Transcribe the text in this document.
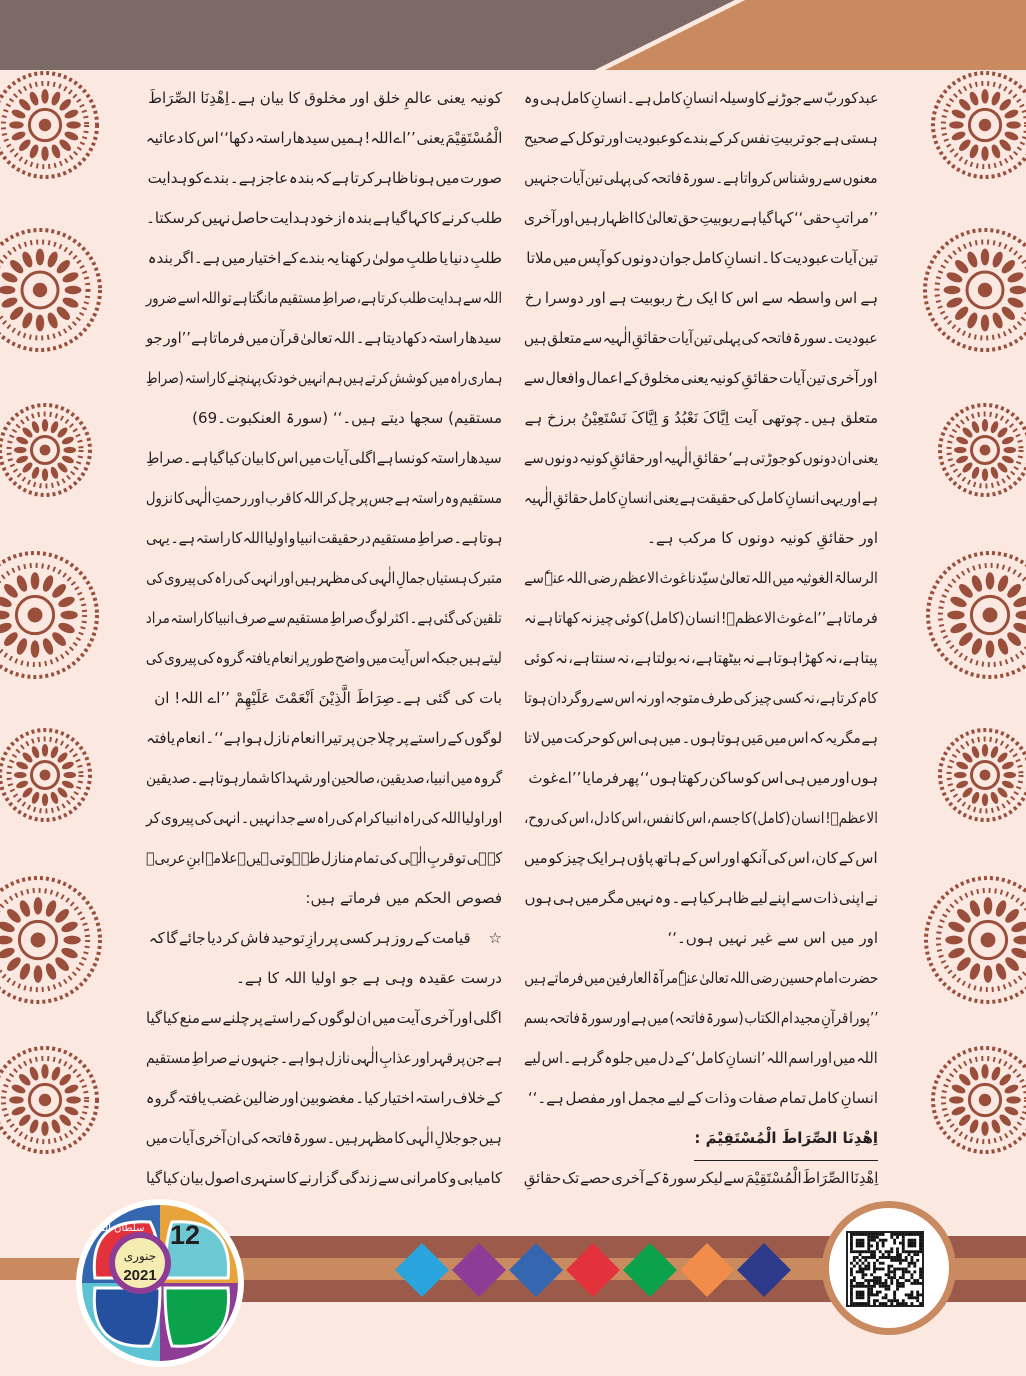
عبدکوربّ سے جوڑنے کاوسیلہ انسانِ کامل ہے۔انسانِ کامل ہی وہ
ہستی ہے جو تربیتِ نفس کر کے بندے کوعبودیت اور توکل کے صحیح
معنوں سے روشناس کرواتا ہے۔سورۃ فاتحہ کی پہلی تین آیات جنہیں
’’مراتبِ حقی‘‘ کہا گیا ہے ربوبیتِ حق تعالیٰ کا اظہار ہیں اور آخری
تین آیات عبودیت کا۔انسانِ کامل جوان دونوں کو آپس میں ملاتا
ہے اس واسطہ سے اس کا ایک رخ ربوبیت ہے اور دوسرا رخ
عبودیت۔سورۃ فاتحہ کی پہلی تین آیات حقائقِ الٰہیہ سے متعلق ہیں
اور آخری تین آیات حقائقِ کونیہ یعنی مخلوق کے اعمال وافعال سے
متعلق ہیں۔چوتھی آیت اِیَّاکَ نَعْبُدُ وَ اِیَّاکَ نَسْتَعِیْنُ برزخ ہے
یعنی ان دونوں کو جوڑتی ہے‘ حقائقِ الٰہیہ اور حقائقِ کونیہ دونوں سے
ہے اور یہی انسانِ کامل کی حقیقت ہے یعنی انسانِ کامل حقائقِ الٰہیہ
اور حقائقِ کونیہ دونوں کا مرکب ہے۔
الرسالۃ الغوثیہ میں اللہ تعالیٰ سیّدنا غوث الاعظم رضی اللہ عنہٗ سے
فرماتا ہے’’اے غوث الاعظمؓ! انسان (کامل) کوئی چیز نہ کھاتا ہے نہ
پیتا ہے، نہ کھڑا ہوتا ہے نہ بیٹھتا ہے، نہ بولتا ہے، نہ سنتا ہے، نہ کوئی
کام کرتا ہے، نہ کسی چیز کی طرف متوجہ اور نہ اس سے روگردان ہوتا
ہے مگر یہ کہ اس میں مَیں ہوتا ہوں۔ میں ہی اس کو حرکت میں لاتا
ہوں اور میں ہی اس کو ساکن رکھتا ہوں‘‘ پھر فرمایا ’’اے غوث
الاعظمؓ! انسان (کامل) کا جسم، اس کا نفس، اس کا دل، اس کی روح،
اس کے کان، اس کی آنکھ اور اس کے ہاتھ پاؤں ہر ایک چیز کو میں
نے اپنی ذات سے اپنے لیے ظاہر کیا ہے۔ وہ نہیں مگر میں ہی ہوں
اور میں اس سے غیر نہیں ہوں۔‘‘
حضرت امام حسین رضی اللہ تعالیٰ عنہٗ مرآۃ العارفین میں فرماتے ہیں
’’پورا قرآنِ مجید ام الکتاب (سورۃ فاتحہ) میں ہے اور سورۃ فاتحہ بسم
اللہ میں اور اسم اللہ ’انسانِ کامل‘ کے دل میں جلوہ گر ہے۔اس لیے
انسانِ کامل تمام صفات وذات کے لیے مجمل اور مفصل ہے۔‘‘
اِھْدِنَا الصِّرَاطَ الْمُسْتَقِیْمَ :
اِھْدِنَا الصِّرَاطَ الْمُسْتَقِیْمَ سے لیکر سورۃ کے آخری حصے تک حقائقِ
کونیہ یعنی عالمِ خلق اور مخلوق کا بیان ہے۔اِھْدِنَا الصِّرَاطَ
الْمُسْتَقِیْمَ یعنی ’’اے اللہ! ہمیں سیدھا راستہ دکھا‘‘ اس کا دعائیہ
صورت میں ہونا ظاہر کرتا ہے کہ بندہ عاجز ہے۔ بندے کو ہدایت
طلب کرنے کا کہا گیا ہے بندہ از خود ہدایت حاصل نہیں کر سکتا۔
طلبِ دنیا یا طلبِ مولیٰ رکھنا یہ بندے کے اختیار میں ہے۔اگر بندہ
اللہ سے ہدایت طلب کرتا ہے، صراطِ مستقیم مانگتا ہے تو اللہ اسے ضرور
سیدھا راستہ دکھا دیتا ہے۔ اللہ تعالیٰ قرآن میں فرماتا ہے’’اور جو
ہماری راہ میں کوشش کرتے ہیں ہم انہیں خود تک پہنچنے کا راستہ (صراطِ
مستقیم) سجھا دیتے ہیں۔‘‘ (سورۃ العنکبوت۔69)
سیدھا راستہ کونسا ہے اگلی آیات میں اس کا بیان کیا گیا ہے۔صراطِ
مستقیم وہ راستہ ہے جس پر چل کر اللہ کا قرب اور رحمتِ الٰہی کا نزول
ہوتا ہے۔صراطِ مستقیم درحقیقت انبیا و اولیا اللہ کا راستہ ہے۔ یہی
متبرک ہستیاں جمالِ الٰہی کی مظہر ہیں اور انہی کی راہ کی پیروی کی
تلقین کی گئی ہے۔ اکثر لوگ صراطِ مستقیم سے صرف انبیا کا راستہ مراد
لیتے ہیں جبکہ اس آیت میں واضح طور پر انعام یافتہ گروہ کی پیروی کی
بات کی گئی ہے۔صِرَاطَ الَّذِیْنَ اَنْعَمْتَ عَلَیْھِمْ ’’اے اللہ! ان
لوگوں کے راستے پر چلا جن پر تیرا انعام نازل ہوا ہے‘‘۔انعام یافتہ
گروہ میں انبیا، صدیقین، صالحین اور شہدا کا شمار ہوتا ہے۔صدیقین
اور اولیا اللہ کی راہ انبیا کرام کی راہ سے جدا نہیں۔ انہی کی پیروی کر
کے ہی تو قربِ الٰہی کی تمام منازل طے ہوتی ہیں۔علامہ ابنِ عربیؒ
فصوص الحکم میں فرماتے ہیں:
☆
قیامت کے روز ہر کسی پر رازِ توحید فاش کر دیا جائے گا کہ
درست عقیدہ وہی ہے جو اولیا اللہ کا ہے۔
اگلی اور آخری آیت میں ان لوگوں کے راستے پر چلنے سے منع کیا گیا
ہے جن پر قہر اور عذابِ الٰہی نازل ہوا ہے۔ جنہوں نے صراطِ مستقیم
کے خلاف راستہ اختیار کیا۔ مغضوبین اور ضالین غضب یافتہ گروہ
ہیں جو جلالِ الٰہی کا مظہر ہیں۔سورۃ فاتحہ کی ان آخری آیات میں
کامیابی و کامرانی سے زندگی گزارنے کا سنہری اصول بیان کیا گیا
سلطان الفقر 12
جنوری
2021
